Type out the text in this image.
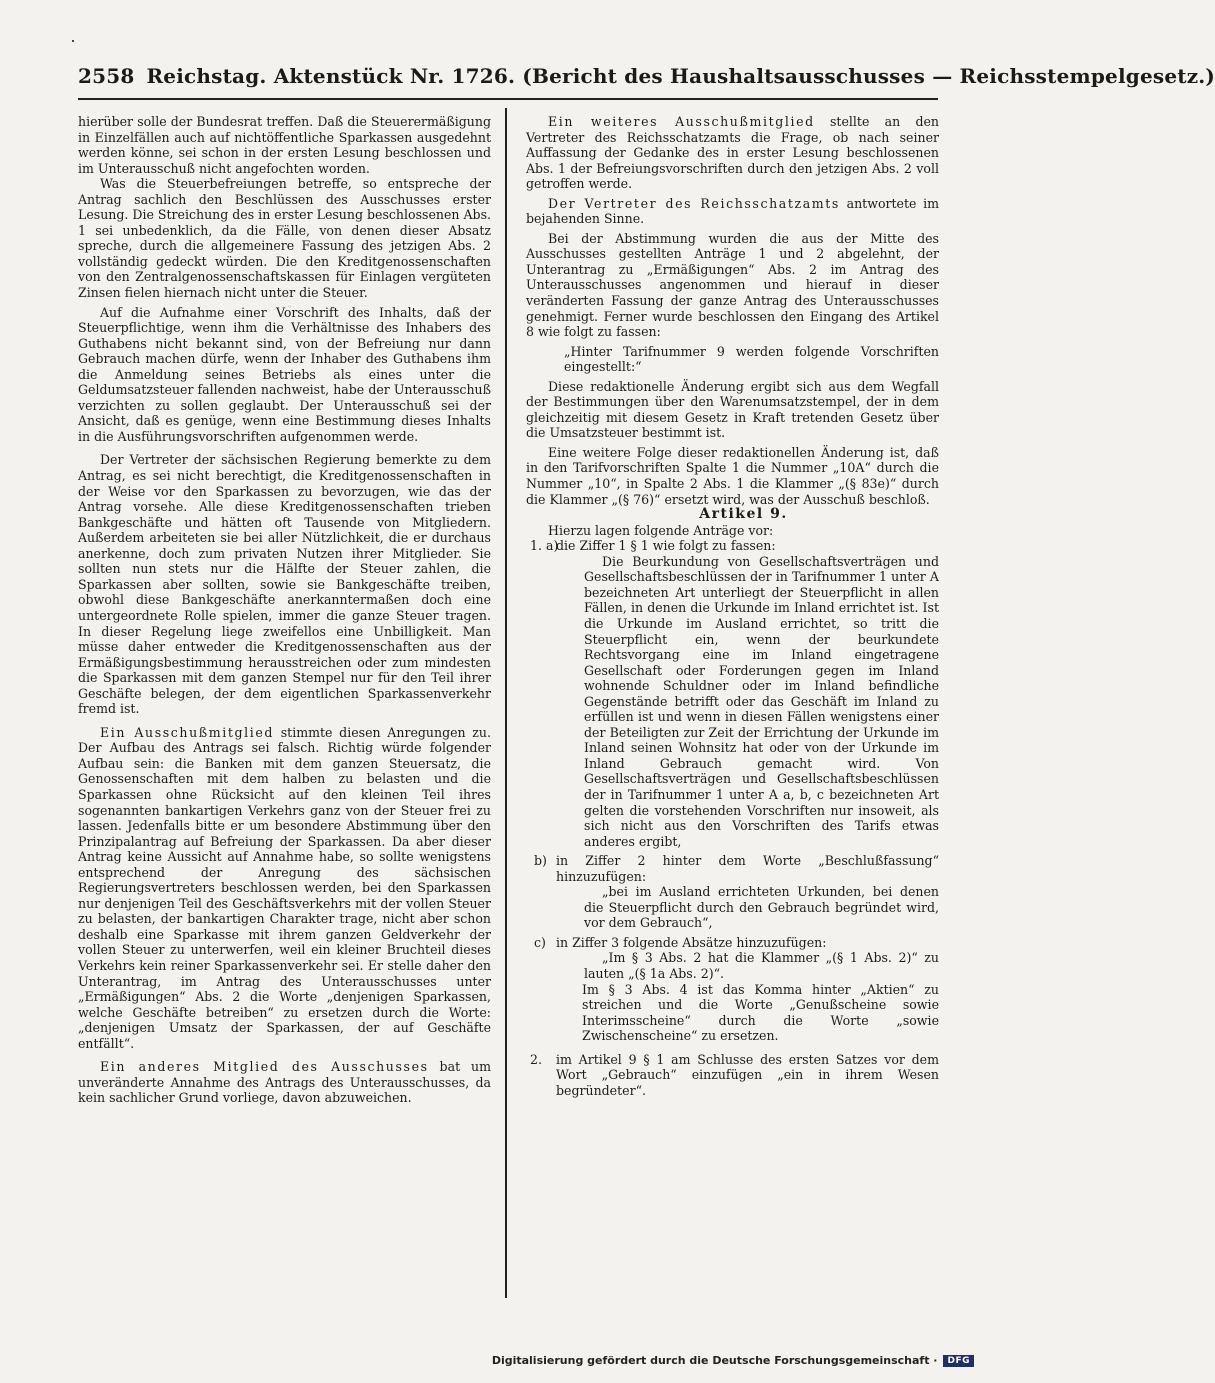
2558 Reichstag. Aktenstück Nr. 1726. (Bericht des Haushaltsausschusses — Reichsstempelgesetz.)

hierüber solle der Bundesrat treffen. Daß die Steuerermäßigung in Einzelfällen auch auf nichtöffentliche Sparkassen ausgedehnt werden könne, sei schon in der ersten Lesung beschlossen und im Unterausschuß nicht angefochten worden.

Was die Steuerbefreiungen betreffe, so entspreche der Antrag sachlich den Beschlüssen des Ausschusses erster Lesung. Die Streichung des in erster Lesung beschlossenen Abs. 1 sei unbedenklich, da die Fälle, von denen dieser Absatz spreche, durch die allgemeinere Fassung des jetzigen Abs. 2 vollständig gedeckt würden. Die den Kreditgenossenschaften von den Zentralgenossenschaftskassen für Einlagen vergüteten Zinsen fielen hiernach nicht unter die Steuer.

Auf die Aufnahme einer Vorschrift des Inhalts, daß der Steuerpflichtige, wenn ihm die Verhältnisse des Inhabers des Guthabens nicht bekannt sind, von der Befreiung nur dann Gebrauch machen dürfe, wenn der Inhaber des Guthabens ihm die Anmeldung seines Betriebs als eines unter die Geldumsatzsteuer fallenden nachweist, habe der Unterausschuß verzichten zu sollen geglaubt. Der Unterausschuß sei der Ansicht, daß es genüge, wenn eine Bestimmung dieses Inhalts in die Ausführungsvorschriften aufgenommen werde.

Der Vertreter der sächsischen Regierung bemerkte zu dem Antrag, es sei nicht berechtigt, die Kreditgenossenschaften in der Weise vor den Sparkassen zu bevorzugen, wie das der Antrag vorsehe. Alle diese Kreditgenossenschaften trieben Bankgeschäfte und hätten oft Tausende von Mitgliedern. Außerdem arbeiteten sie bei aller Nützlichkeit, die er durchaus anerkenne, doch zum privaten Nutzen ihrer Mitglieder. Sie sollten nun stets nur die Hälfte der Steuer zahlen, die Sparkassen aber sollten, sowie sie Bankgeschäfte treiben, obwohl diese Bankgeschäfte anerkanntermaßen doch eine untergeordnete Rolle spielen, immer die ganze Steuer tragen. In dieser Regelung liege zweifellos eine Unbilligkeit. Man müsse daher entweder die Kreditgenossenschaften aus der Ermäßigungsbestimmung herausstreichen oder zum mindesten die Sparkassen mit dem ganzen Stempel nur für den Teil ihrer Geschäfte belegen, der dem eigentlichen Sparkassenverkehr fremd ist.

Ein Ausschußmitglied stimmte diesen Anregungen zu. Der Aufbau des Antrags sei falsch. Richtig würde folgender Aufbau sein: die Banken mit dem ganzen Steuersatz, die Genossenschaften mit dem halben zu belasten und die Sparkassen ohne Rücksicht auf den kleinen Teil ihres sogenannten bankartigen Verkehrs ganz von der Steuer frei zu lassen. Jedenfalls bitte er um besondere Abstimmung über den Prinzipalantrag auf Befreiung der Sparkassen. Da aber dieser Antrag keine Aussicht auf Annahme habe, so sollte wenigstens entsprechend der Anregung des sächsischen Regierungsvertreters beschlossen werden, bei den Sparkassen nur denjenigen Teil des Geschäftsverkehrs mit der vollen Steuer zu belasten, der bankartigen Charakter trage, nicht aber schon deshalb eine Sparkasse mit ihrem ganzen Geldverkehr der vollen Steuer zu unterwerfen, weil ein kleiner Bruchteil dieses Verkehrs kein reiner Sparkassenverkehr sei. Er stelle daher den Unterantrag, im Antrag des Unterausschusses unter „Ermäßigungen“ Abs. 2 die Worte „denjenigen Sparkassen, welche Geschäfte betreiben“ zu ersetzen durch die Worte: „denjenigen Umsatz der Sparkassen, der auf Geschäfte entfällt“.

Ein anderes Mitglied des Ausschusses bat um unveränderte Annahme des Antrags des Unterausschusses, da kein sachlicher Grund vorliege, davon abzuweichen.

Ein weiteres Ausschußmitglied stellte an den Vertreter des Reichsschatzamts die Frage, ob nach seiner Auffassung der Gedanke des in erster Lesung beschlossenen Abs. 1 der Befreiungsvorschriften durch den jetzigen Abs. 2 voll getroffen werde.

Der Vertreter des Reichsschatzamts antwortete im bejahenden Sinne.

Bei der Abstimmung wurden die aus der Mitte des Ausschusses gestellten Anträge 1 und 2 abgelehnt, der Unterantrag zu „Ermäßigungen“ Abs. 2 im Antrag des Unterausschusses angenommen und hierauf in dieser veränderten Fassung der ganze Antrag des Unterausschusses genehmigt. Ferner wurde beschlossen den Eingang des Artikel 8 wie folgt zu fassen:

„Hinter Tarifnummer 9 werden folgende Vorschriften eingestellt:“

Diese redaktionelle Änderung ergibt sich aus dem Wegfall der Bestimmungen über den Warenumsatzstempel, der in dem gleichzeitig mit diesem Gesetz in Kraft tretenden Gesetz über die Umsatzsteuer bestimmt ist.

Eine weitere Folge dieser redaktionellen Änderung ist, daß in den Tarifvorschriften Spalte 1 die Nummer „10A“ durch die Nummer „10“, in Spalte 2 Abs. 1 die Klammer „(§ 83e)“ durch die Klammer „(§ 76)“ ersetzt wird, was der Ausschuß beschloß.

Artikel 9.

Hierzu lagen folgende Anträge vor:

1. a)
die Ziffer 1 § 1 wie folgt zu fassen:

Die Beurkundung von Gesellschaftsverträgen und Gesellschaftsbeschlüssen der in Tarifnummer 1 unter A bezeichneten Art unterliegt der Steuerpflicht in allen Fällen, in denen die Urkunde im Inland errichtet ist. Ist die Urkunde im Ausland errichtet, so tritt die Steuerpflicht ein, wenn der beurkundete Rechtsvorgang eine im Inland eingetragene Gesellschaft oder Forderungen gegen im Inland wohnende Schuldner oder im Inland befindliche Gegenstände betrifft oder das Geschäft im Inland zu erfüllen ist und wenn in diesen Fällen wenigstens einer der Beteiligten zur Zeit der Errichtung der Urkunde im Inland seinen Wohnsitz hat oder von der Urkunde im Inland Gebrauch gemacht wird. Von Gesellschaftsverträgen und Gesellschaftsbeschlüssen der in Tarifnummer 1 unter A a, b, c bezeichneten Art gelten die vorstehenden Vorschriften nur insoweit, als sich nicht aus den Vorschriften des Tarifs etwas anderes ergibt,

b) in Ziffer 2 hinter dem Worte „Beschlußfassung“ hinzuzufügen:

„bei im Ausland errichteten Urkunden, bei denen die Steuerpflicht durch den Gebrauch begründet wird, vor dem Gebrauch“,

c) in Ziffer 3 folgende Absätze hinzuzufügen:

„Im § 3 Abs. 2 hat die Klammer „(§ 1 Abs. 2)“ zu lauten „(§ 1a Abs. 2)“.

Im § 3 Abs. 4 ist das Komma hinter „Aktien“ zu streichen und die Worte „Genußscheine sowie Interimsscheine“ durch die Worte „sowie Zwischenscheine“ zu ersetzen.

2. im Artikel 9 § 1 am Schlusse des ersten Satzes vor dem Wort „Gebrauch“ einzufügen „ein in ihrem Wesen begründeter“.

Digitalisierung gefördert durch die Deutsche Forschungsgemeinschaft ·	DFG
